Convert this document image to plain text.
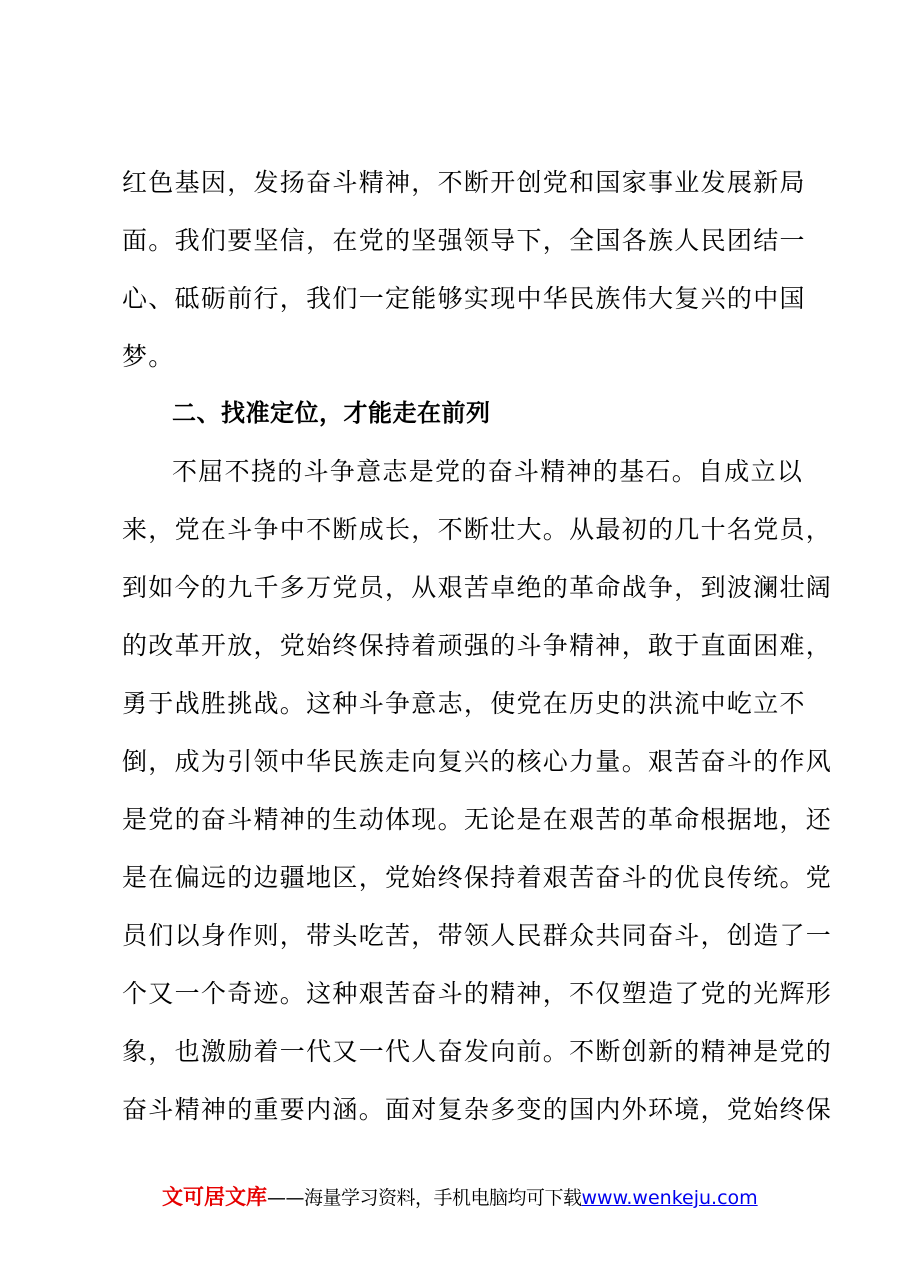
红色基因，发扬奋斗精神，不断开创党和国家事业发展新局
面。我们要坚信，在党的坚强领导下，全国各族人民团结一
心、砥砺前行，我们一定能够实现中华民族伟大复兴的中国
梦。
二、找准定位，才能走在前列
不屈不挠的斗争意志是党的奋斗精神的基石。自成立以
来，党在斗争中不断成长，不断壮大。从最初的几十名党员，
到如今的九千多万党员，从艰苦卓绝的革命战争，到波澜壮阔
的改革开放，党始终保持着顽强的斗争精神，敢于直面困难，
勇于战胜挑战。这种斗争意志，使党在历史的洪流中屹立不
倒，成为引领中华民族走向复兴的核心力量。艰苦奋斗的作风
是党的奋斗精神的生动体现。无论是在艰苦的革命根据地，还
是在偏远的边疆地区，党始终保持着艰苦奋斗的优良传统。党
员们以身作则，带头吃苦，带领人民群众共同奋斗，创造了一
个又一个奇迹。这种艰苦奋斗的精神，不仅塑造了党的光辉形
象，也激励着一代又一代人奋发向前。不断创新的精神是党的
奋斗精神的重要内涵。面对复杂多变的国内外环境，党始终保
文可居文库——海量学习资料，手机电脑均可下载www.wenkeju.com
